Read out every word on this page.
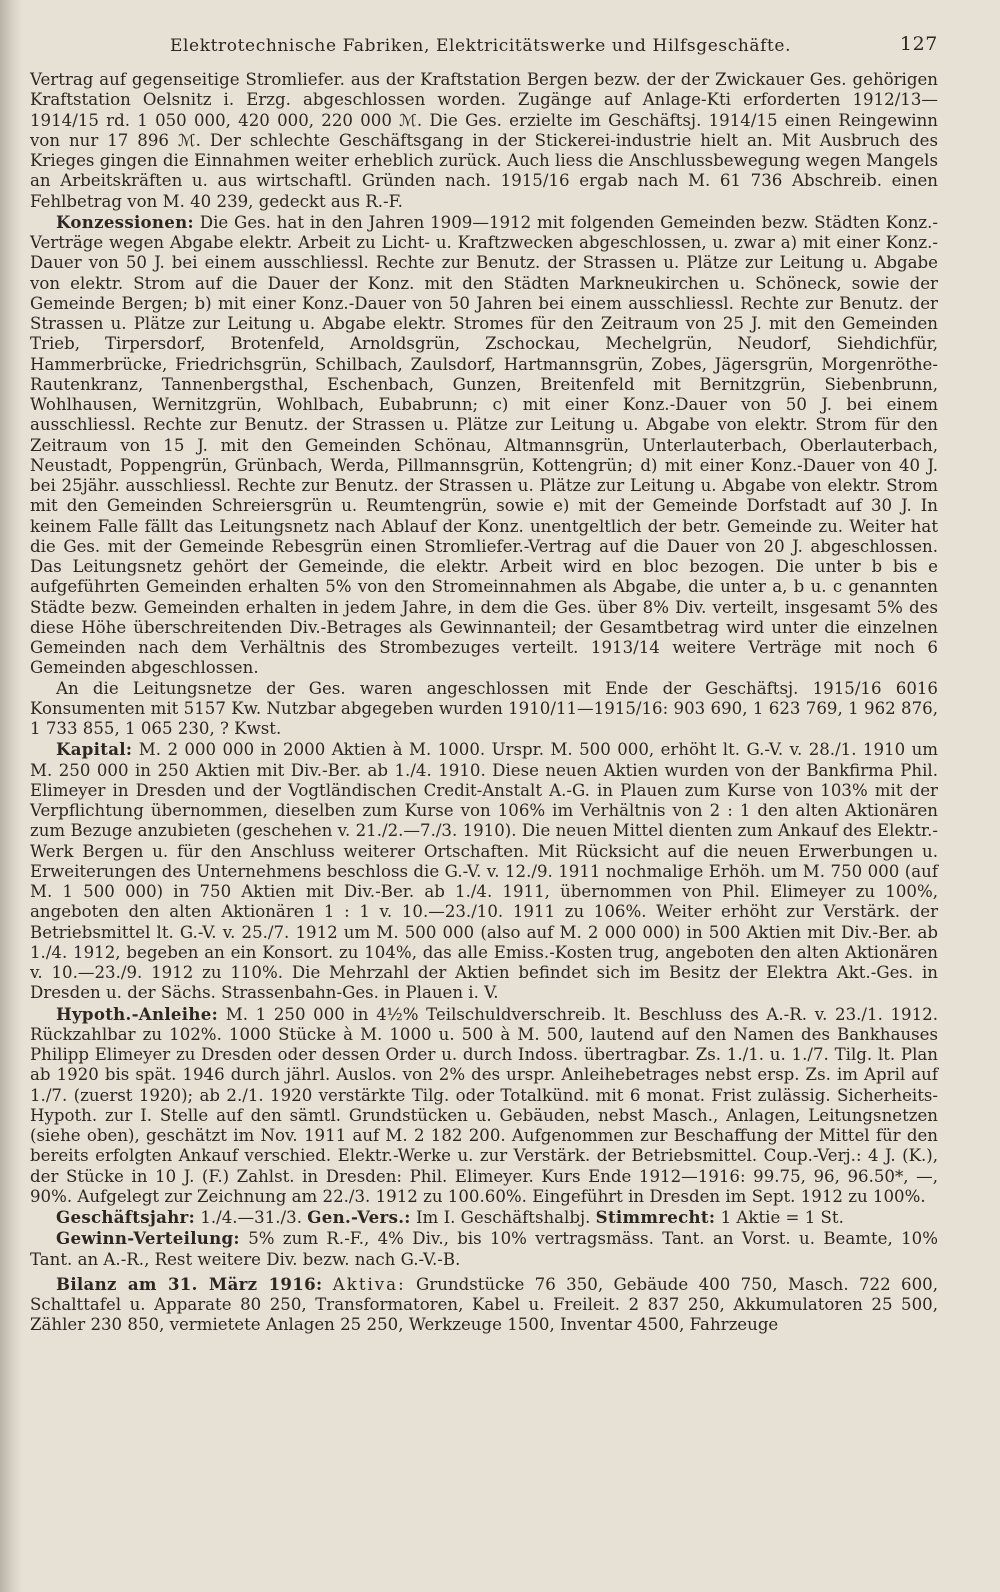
Elektrotechnische Fabriken, Elektricitätswerke und Hilfsgeschäfte.	127

Vertrag auf gegenseitige Stromliefer. aus der Kraftstation Bergen bezw. der der Zwickauer Ges. gehörigen Kraftstation Oelsnitz i. Erzg. abgeschlossen worden. Zugänge auf Anlage-Kti erforderten 1912/13—1914/15 rd. 1 050 000, 420 000, 220 000 ℳ. Die Ges. erzielte im Geschäftsj. 1914/15 einen Reingewinn von nur 17 896 ℳ. Der schlechte Geschäftsgang in der Stickerei-industrie hielt an. Mit Ausbruch des Krieges gingen die Einnahmen weiter erheblich zurück. Auch liess die Anschlussbewegung wegen Mangels an Arbeitskräften u. aus wirtschaftl. Gründen nach. 1915/16 ergab nach M. 61 736 Abschreib. einen Fehlbetrag von M. 40 239, gedeckt aus R.-F.

Konzessionen: Die Ges. hat in den Jahren 1909—1912 mit folgenden Gemeinden bezw. Städten Konz.-Verträge wegen Abgabe elektr. Arbeit zu Licht- u. Kraftzwecken abgeschlossen, u. zwar a) mit einer Konz.-Dauer von 50 J. bei einem ausschliessl. Rechte zur Benutz. der Strassen u. Plätze zur Leitung u. Abgabe von elektr. Strom auf die Dauer der Konz. mit den Städten Markneukirchen u. Schöneck, sowie der Gemeinde Bergen; b) mit einer Konz.-Dauer von 50 Jahren bei einem ausschliessl. Rechte zur Benutz. der Strassen u. Plätze zur Leitung u. Abgabe elektr. Stromes für den Zeitraum von 25 J. mit den Gemeinden Trieb, Tirpersdorf, Brotenfeld, Arnoldsgrün, Zschockau, Mechelgrün, Neudorf, Siehdichfür, Hammerbrücke, Friedrichsgrün, Schilbach, Zaulsdorf, Hartmannsgrün, Zobes, Jägersgrün, Morgenröthe-Rautenkranz, Tannenbergsthal, Eschenbach, Gunzen, Breitenfeld mit Bernitzgrün, Siebenbrunn, Wohlhausen, Wernitzgrün, Wohlbach, Eubabrunn; c) mit einer Konz.-Dauer von 50 J. bei einem ausschliessl. Rechte zur Benutz. der Strassen u. Plätze zur Leitung u. Abgabe von elektr. Strom für den Zeitraum von 15 J. mit den Gemeinden Schönau, Altmannsgrün, Unterlauterbach, Oberlauterbach, Neustadt, Poppengrün, Grünbach, Werda, Pillmannsgrün, Kottengrün; d) mit einer Konz.-Dauer von 40 J. bei 25jähr. ausschliessl. Rechte zur Benutz. der Strassen u. Plätze zur Leitung u. Abgabe von elektr. Strom mit den Gemeinden Schreiersgrün u. Reumtengrün, sowie e) mit der Gemeinde Dorfstadt auf 30 J. In keinem Falle fällt das Leitungsnetz nach Ablauf der Konz. unentgeltlich der betr. Gemeinde zu. Weiter hat die Ges. mit der Gemeinde Rebesgrün einen Stromliefer.-Vertrag auf die Dauer von 20 J. abgeschlossen. Das Leitungsnetz gehört der Gemeinde, die elektr. Arbeit wird en bloc bezogen. Die unter b bis e aufgeführten Gemeinden erhalten 5% von den Stromeinnahmen als Abgabe, die unter a, b u. c genannten Städte bezw. Gemeinden erhalten in jedem Jahre, in dem die Ges. über 8% Div. verteilt, insgesamt 5% des diese Höhe überschreitenden Div.-Betrages als Gewinnanteil; der Gesamtbetrag wird unter die einzelnen Gemeinden nach dem Verhältnis des Strombezuges verteilt. 1913/14 weitere Verträge mit noch 6 Gemeinden abgeschlossen.

An die Leitungsnetze der Ges. waren angeschlossen mit Ende der Geschäftsj. 1915/16 6016 Konsumenten mit 5157 Kw. Nutzbar abgegeben wurden 1910/11—1915/16: 903 690, 1 623 769, 1 962 876, 1 733 855, 1 065 230, ? Kwst.

Kapital: M. 2 000 000 in 2000 Aktien à M. 1000. Urspr. M. 500 000, erhöht lt. G.-V. v. 28./1. 1910 um M. 250 000 in 250 Aktien mit Div.-Ber. ab 1./4. 1910. Diese neuen Aktien wurden von der Bankfirma Phil. Elimeyer in Dresden und der Vogtländischen Credit-Anstalt A.-G. in Plauen zum Kurse von 103% mit der Verpflichtung übernommen, dieselben zum Kurse von 106% im Verhältnis von 2 : 1 den alten Aktionären zum Bezuge anzubieten (geschehen v. 21./2.—7./3. 1910). Die neuen Mittel dienten zum Ankauf des Elektr.-Werk Bergen u. für den Anschluss weiterer Ortschaften. Mit Rücksicht auf die neuen Erwerbungen u. Erweiterungen des Unternehmens beschloss die G.-V. v. 12./9. 1911 nochmalige Erhöh. um M. 750 000 (auf M. 1 500 000) in 750 Aktien mit Div.-Ber. ab 1./4. 1911, übernommen von Phil. Elimeyer zu 100%, angeboten den alten Aktionären 1 : 1 v. 10.—23./10. 1911 zu 106%. Weiter erhöht zur Verstärk. der Betriebsmittel lt. G.-V. v. 25./7. 1912 um M. 500 000 (also auf M. 2 000 000) in 500 Aktien mit Div.-Ber. ab 1./4. 1912, begeben an ein Konsort. zu 104%, das alle Emiss.-Kosten trug, angeboten den alten Aktionären v. 10.—23./9. 1912 zu 110%. Die Mehrzahl der Aktien befindet sich im Besitz der Elektra Akt.-Ges. in Dresden u. der Sächs. Strassenbahn-Ges. in Plauen i. V.

Hypoth.-Anleihe: M. 1 250 000 in 4½% Teilschuldverschreib. lt. Beschluss des A.-R. v. 23./1. 1912. Rückzahlbar zu 102%. 1000 Stücke à M. 1000 u. 500 à M. 500, lautend auf den Namen des Bankhauses Philipp Elimeyer zu Dresden oder dessen Order u. durch Indoss. übertragbar. Zs. 1./1. u. 1./7. Tilg. lt. Plan ab 1920 bis spät. 1946 durch jährl. Auslos. von 2% des urspr. Anleihebetrages nebst ersp. Zs. im April auf 1./7. (zuerst 1920); ab 2./1. 1920 verstärkte Tilg. oder Totalkünd. mit 6 monat. Frist zulässig. Sicherheits-Hypoth. zur I. Stelle auf den sämtl. Grundstücken u. Gebäuden, nebst Masch., Anlagen, Leitungsnetzen (siehe oben), geschätzt im Nov. 1911 auf M. 2 182 200. Aufgenommen zur Beschaffung der Mittel für den bereits erfolgten Ankauf verschied. Elektr.-Werke u. zur Verstärk. der Betriebsmittel. Coup.-Verj.: 4 J. (K.), der Stücke in 10 J. (F.) Zahlst. in Dresden: Phil. Elimeyer. Kurs Ende 1912—1916: 99.75, 96, 96.50*, —, 90%. Aufgelegt zur Zeichnung am 22./3. 1912 zu 100.60%. Eingeführt in Dresden im Sept. 1912 zu 100%.

Geschäftsjahr: 1./4.—31./3. Gen.-Vers.: Im I. Geschäftshalbj. Stimmrecht: 1 Aktie = 1 St.

Gewinn-Verteilung: 5% zum R.-F., 4% Div., bis 10% vertragsmäss. Tant. an Vorst. u. Beamte, 10% Tant. an A.-R., Rest weitere Div. bezw. nach G.-V.-B.

Bilanz am 31. März 1916: Aktiva: Grundstücke 76 350, Gebäude 400 750, Masch. 722 600, Schalttafel u. Apparate 80 250, Transformatoren, Kabel u. Freileit. 2 837 250, Akkumulatoren 25 500, Zähler 230 850, vermietete Anlagen 25 250, Werkzeuge 1500, Inventar 4500, Fahrzeuge
